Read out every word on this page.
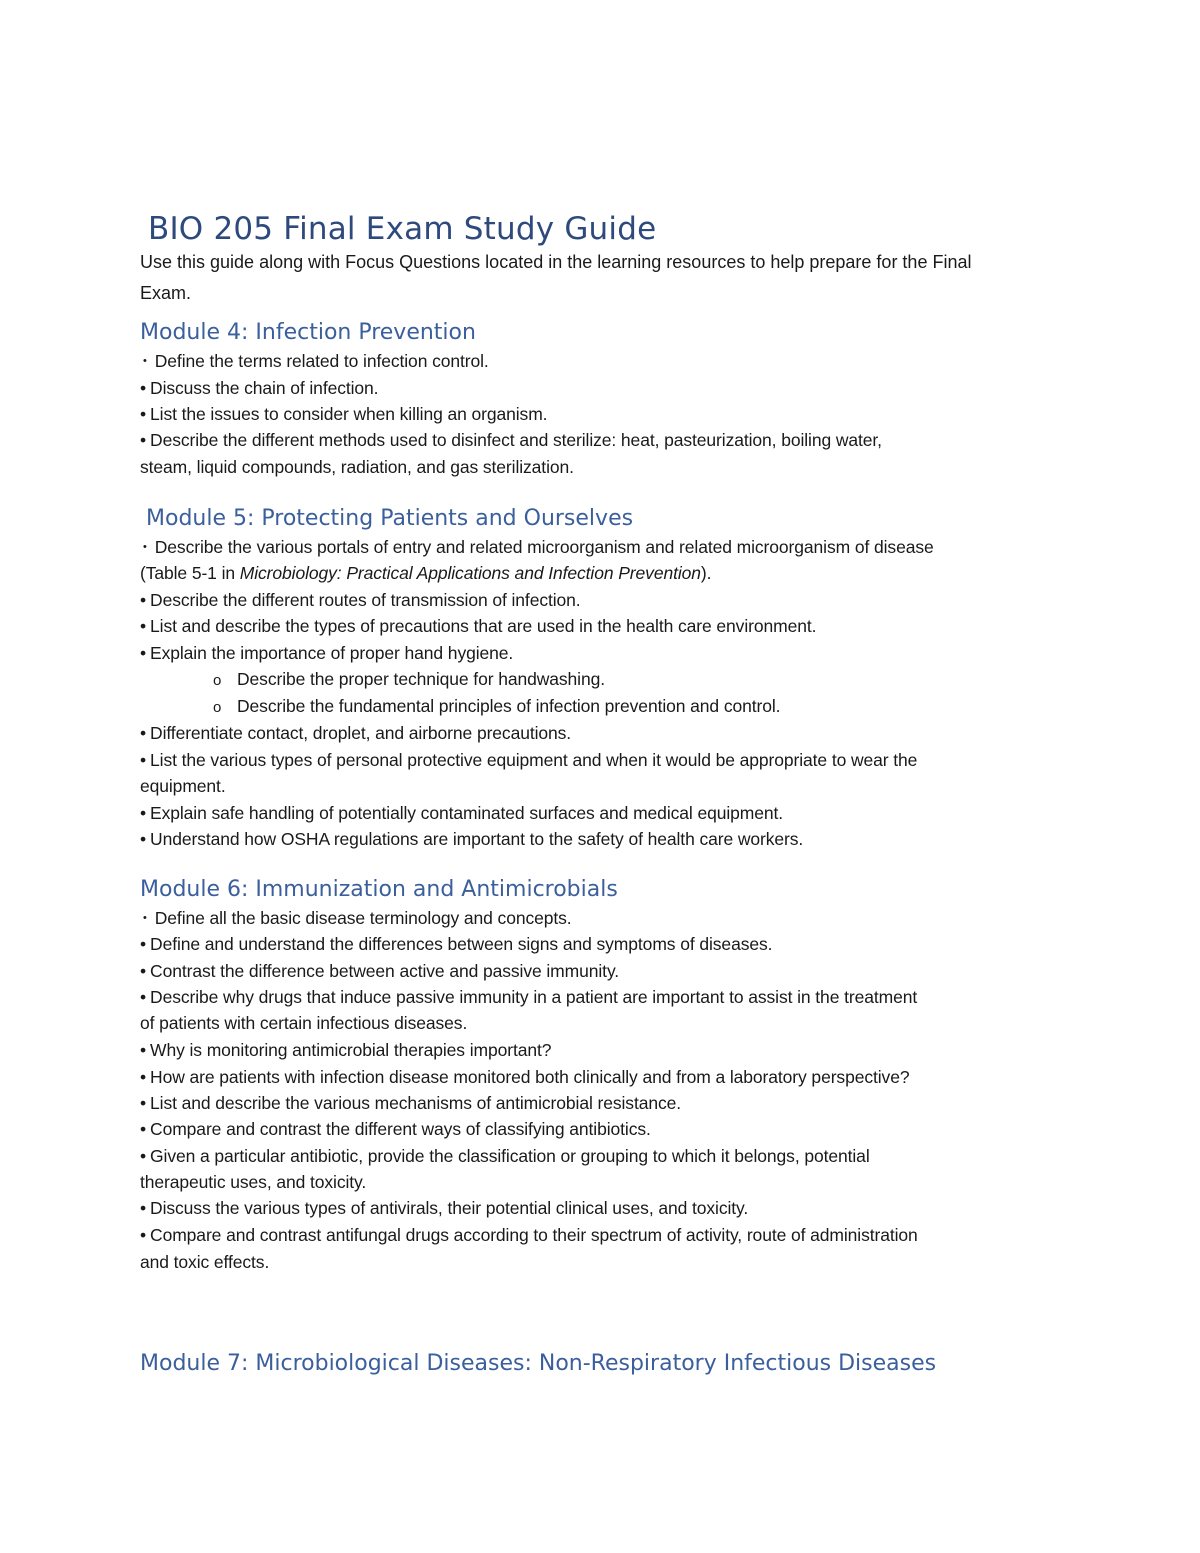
BIO 205 Final Exam Study Guide
Use this guide along with Focus Questions located in the learning resources to help prepare for the Final
Exam.
Module 4: Infection Prevention
• Define the terms related to infection control.
• Discuss the chain of infection.
• List the issues to consider when killing an organism.
• Describe the different methods used to disinfect and sterilize: heat, pasteurization, boiling water,
steam, liquid compounds, radiation, and gas sterilization.
Module 5: Protecting Patients and Ourselves
• Describe the various portals of entry and related microorganism and related microorganism of disease
(Table 5-1 in Microbiology: Practical Applications and Infection Prevention).
• Describe the different routes of transmission of infection.
• List and describe the types of precautions that are used in the health care environment.
• Explain the importance of proper hand hygiene.
o Describe the proper technique for handwashing.
o Describe the fundamental principles of infection prevention and control.
• Differentiate contact, droplet, and airborne precautions.
• List the various types of personal protective equipment and when it would be appropriate to wear the
equipment.
• Explain safe handling of potentially contaminated surfaces and medical equipment.
• Understand how OSHA regulations are important to the safety of health care workers.
Module 6: Immunization and Antimicrobials
• Define all the basic disease terminology and concepts.
• Define and understand the differences between signs and symptoms of diseases.
• Contrast the difference between active and passive immunity.
• Describe why drugs that induce passive immunity in a patient are important to assist in the treatment
of patients with certain infectious diseases.
• Why is monitoring antimicrobial therapies important?
• How are patients with infection disease monitored both clinically and from a laboratory perspective?
• List and describe the various mechanisms of antimicrobial resistance.
• Compare and contrast the different ways of classifying antibiotics.
• Given a particular antibiotic, provide the classification or grouping to which it belongs, potential
therapeutic uses, and toxicity.
• Discuss the various types of antivirals, their potential clinical uses, and toxicity.
• Compare and contrast antifungal drugs according to their spectrum of activity, route of administration
and toxic effects.
Module 7: Microbiological Diseases: Non-Respiratory Infectious Diseases
